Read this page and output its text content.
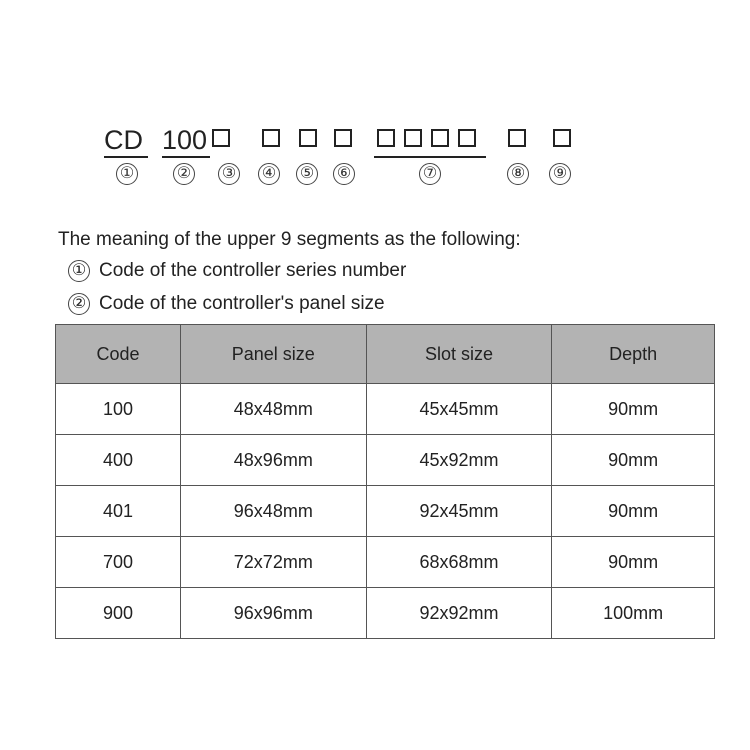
CD 100
①	② ③ ④ ⑤ ⑥	⑦	⑧ ⑨
The meaning of the upper 9 segments as the following:
① Code of the controller series number
② Code of the controller's panel size
Code	Panel size	Slot size	Depth
100	48x48mm	45x45mm	90mm
400	48x96mm	45x92mm	90mm
401	96x48mm	92x45mm	90mm
700	72x72mm	68x68mm	90mm
900	96x96mm	92x92mm	100mm
